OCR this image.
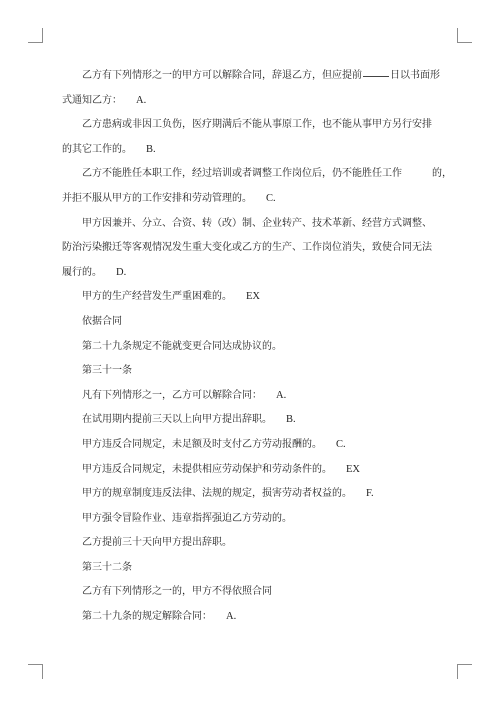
乙方有下列情形之一的甲方可以解除合同，辞退乙方，但应提前	日以书面形
式通知乙方： A.
乙方患病或非因工负伤，医疗期满后不能从事原工作，也不能从事甲方另行安排
的其它工作的。 B.
乙方不能胜任本职工作，经过培训或者调整工作岗位后，仍不能胜任工作	的，
并拒不服从甲方的工作安排和劳动管理的。 C.
甲方因兼并、分立、合资、转（改）制、企业转产、技术革新、经营方式调整、
防治污染搬迁等客观情况发生重大变化或乙方的生产、工作岗位消失，致使合同无法
履行的。 D.
甲方的生产经营发生严重困难的。 EX
依据合同
第二十九条规定不能就变更合同达成协议的。
第三十一条
凡有下列情形之一，乙方可以解除合同： A.
在试用期内提前三天以上向甲方提出辞职。 B.
甲方违反合同规定，未足额及时支付乙方劳动报酬的。 C.
甲方违反合同规定，未提供相应劳动保护和劳动条件的。 EX
甲方的规章制度违反法律、法规的规定，损害劳动者权益的。 F.
甲方强令冒险作业、违章指挥强迫乙方劳动的。
乙方提前三十天向甲方提出辞职。
第三十二条
乙方有下列情形之一的，甲方不得依照合同
第二十九条的规定解除合同： A.
